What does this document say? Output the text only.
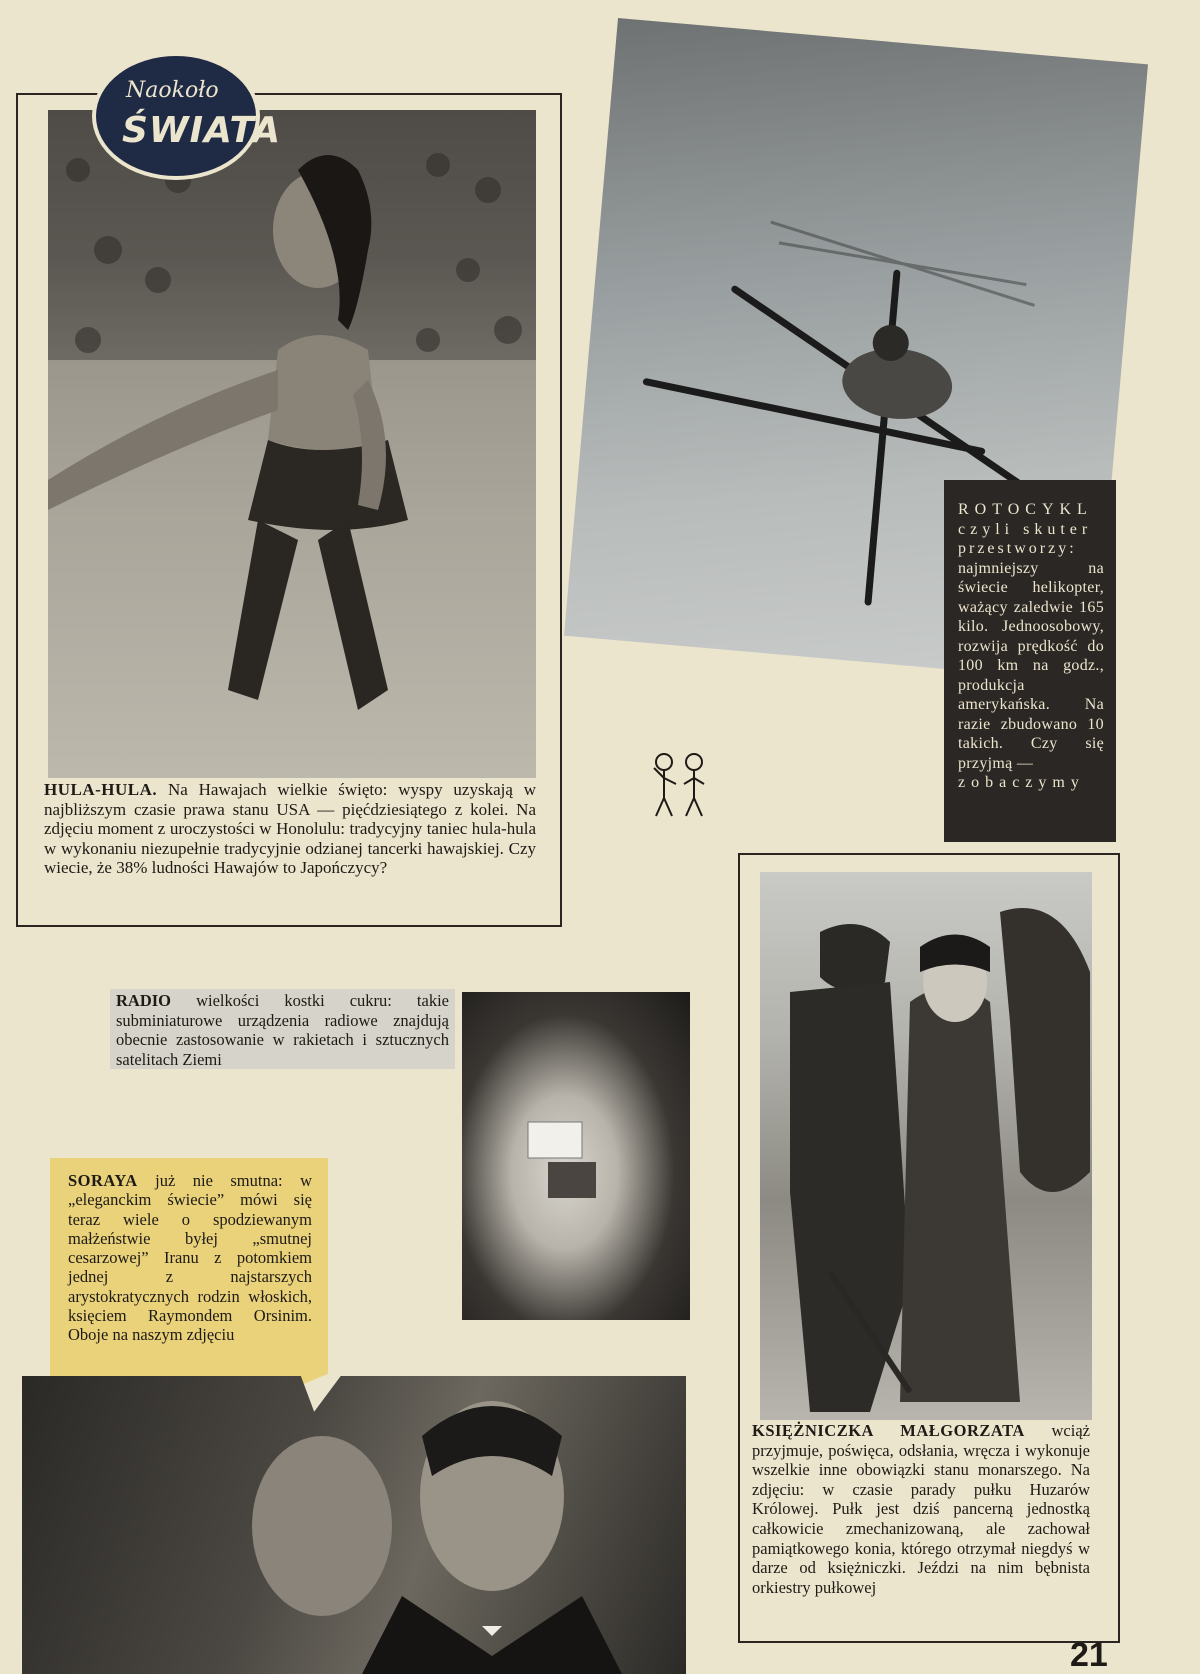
Naokoło
ŚWIATA
HULA-HULA. Na Hawajach wielkie święto: wyspy uzyskają w najbliższym czasie prawa stanu USA — pięćdziesiątego z kolei. Na zdjęciu moment z uroczystości w Honolulu: tradycyjny taniec hula-hula w wykonaniu niezupełnie tradycyjnie odzianej tancerki hawajskiej. Czy wiecie, że 38% ludności Hawajów to Japończycy?
ROTOCYKL
czyli skuter
przestworzy:
najmniejszy na świecie helikopter, ważący zaledwie 165 kilo. Jednoosobowy, rozwija prędkość do 100 km na godz., produkcja amerykańska. Na razie zbudowano 10 takich. Czy się przyjmą —
zobaczymy
RADIO wielkości kostki cukru: takie subminiaturowe urządzenia radiowe znajdują obecnie zastosowanie w rakietach i sztucznych satelitach Ziemi
SORAYA już nie smutna: w „eleganckim świecie” mówi się teraz wiele o spodziewanym małżeństwie byłej „smutnej cesarzowej” Iranu z potomkiem jednej z najstarszych arystokratycznych rodzin włoskich, księciem Raymondem Orsinim. Oboje na naszym zdjęciu
KSIĘŻNICZKA MAŁGORZATA wciąż przyjmuje, poświęca, odsłania, wręcza i wykonuje wszelkie inne obowiązki stanu monarszego. Na zdjęciu: w czasie parady pułku Huzarów Królowej. Pułk jest dziś pancerną jednostką całkowicie zmechanizowaną, ale zachował pamiątkowego konia, którego otrzymał niegdyś w darze od księżniczki. Jeździ na nim bębnista orkiestry pułkowej
21
